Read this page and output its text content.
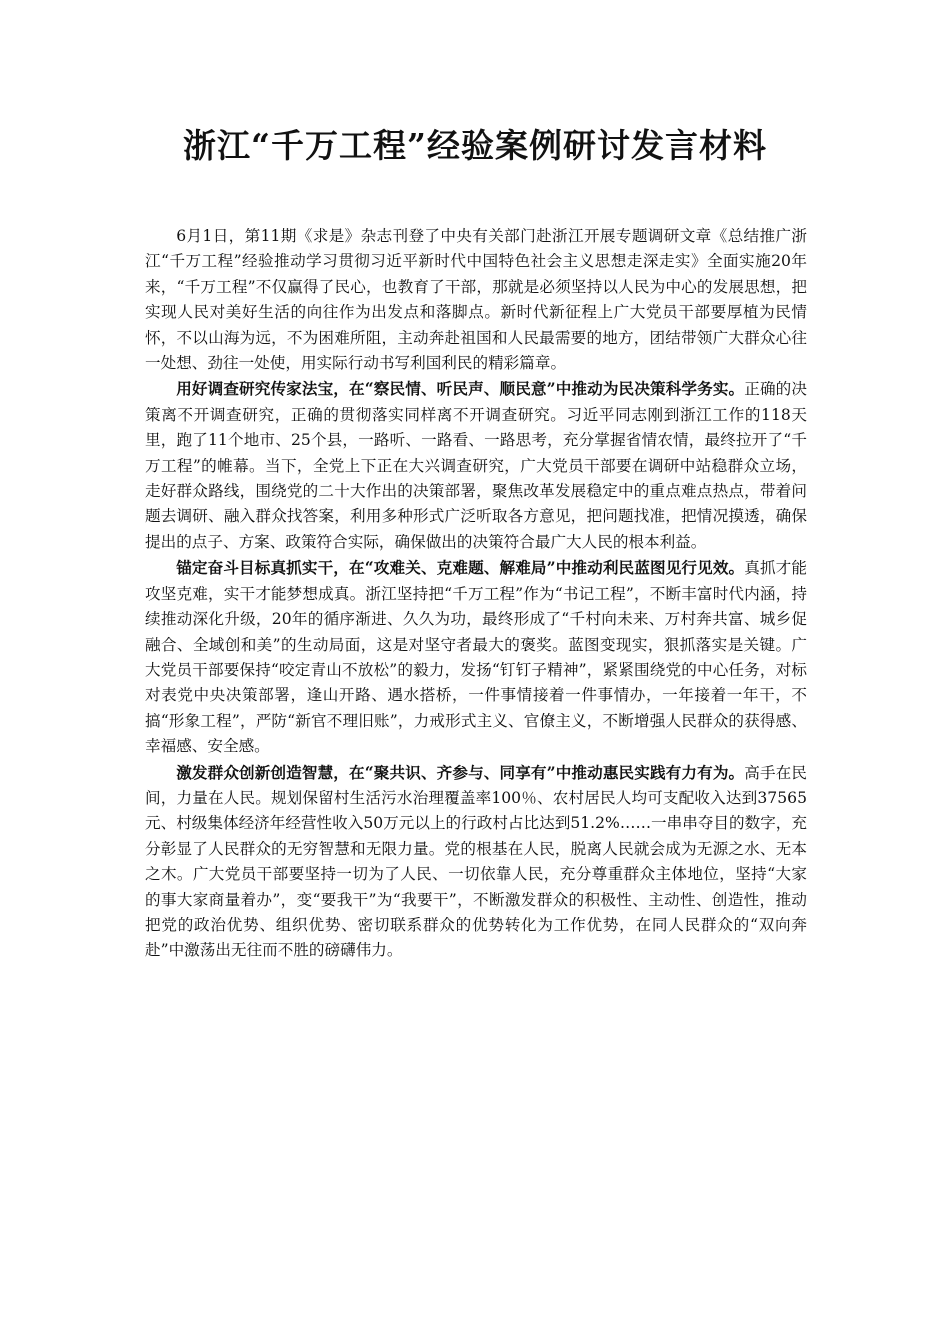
浙江“千万工程”经验案例研讨发言材料

6月1日，第11期《求是》杂志刊登了中央有关部门赴浙江开展专题调研文章《总结推广浙江“千万工程”经验推动学习贯彻习近平新时代中国特色社会主义思想走深走实》全面实施20年来，“千万工程”不仅赢得了民心，也教育了干部，那就是必须坚持以人民为中心的发展思想，把实现人民对美好生活的向往作为出发点和落脚点。新时代新征程上广大党员干部要厚植为民情怀，不以山海为远，不为困难所阻，主动奔赴祖国和人民最需要的地方，团结带领广大群众心往一处想、劲往一处使，用实际行动书写利国利民的精彩篇章。

用好调查研究传家法宝，在“察民情、听民声、顺民意”中推动为民决策科学务实。正确的决策离不开调查研究，正确的贯彻落实同样离不开调查研究。习近平同志刚到浙江工作的118天里，跑了11个地市、25个县，一路听、一路看、一路思考，充分掌握省情农情，最终拉开了“千万工程”的帷幕。当下，全党上下正在大兴调查研究，广大党员干部要在调研中站稳群众立场，走好群众路线，围绕党的二十大作出的决策部署，聚焦改革发展稳定中的重点难点热点，带着问题去调研、融入群众找答案，利用多种形式广泛听取各方意见，把问题找准，把情况摸透，确保提出的点子、方案、政策符合实际，确保做出的决策符合最广大人民的根本利益。

锚定奋斗目标真抓实干，在“攻难关、克难题、解难局”中推动利民蓝图见行见效。真抓才能攻坚克难，实干才能梦想成真。浙江坚持把“千万工程”作为“书记工程”，不断丰富时代内涵，持续推动深化升级，20年的循序渐进、久久为功，最终形成了“千村向未来、万村奔共富、城乡促融合、全域创和美”的生动局面，这是对坚守者最大的褒奖。蓝图变现实，狠抓落实是关键。广大党员干部要保持“咬定青山不放松”的毅力，发扬“钉钉子精神”，紧紧围绕党的中心任务，对标对表党中央决策部署，逢山开路、遇水搭桥，一件事情接着一件事情办，一年接着一年干，不搞“形象工程”，严防“新官不理旧账”，力戒形式主义、官僚主义，不断增强人民群众的获得感、幸福感、安全感。

激发群众创新创造智慧，在“聚共识、齐参与、同享有”中推动惠民实践有力有为。高手在民间，力量在人民。规划保留村生活污水治理覆盖率100％、农村居民人均可支配收入达到37565元、村级集体经济年经营性收入50万元以上的行政村占比达到51.2%……一串串夺目的数字，充分彰显了人民群众的无穷智慧和无限力量。党的根基在人民，脱离人民就会成为无源之水、无本之木。广大党员干部要坚持一切为了人民、一切依靠人民，充分尊重群众主体地位，坚持“大家的事大家商量着办”，变“要我干”为“我要干”，不断激发群众的积极性、主动性、创造性，推动把党的政治优势、组织优势、密切联系群众的优势转化为工作优势，在同人民群众的“双向奔赴”中激荡出无往而不胜的磅礴伟力。
